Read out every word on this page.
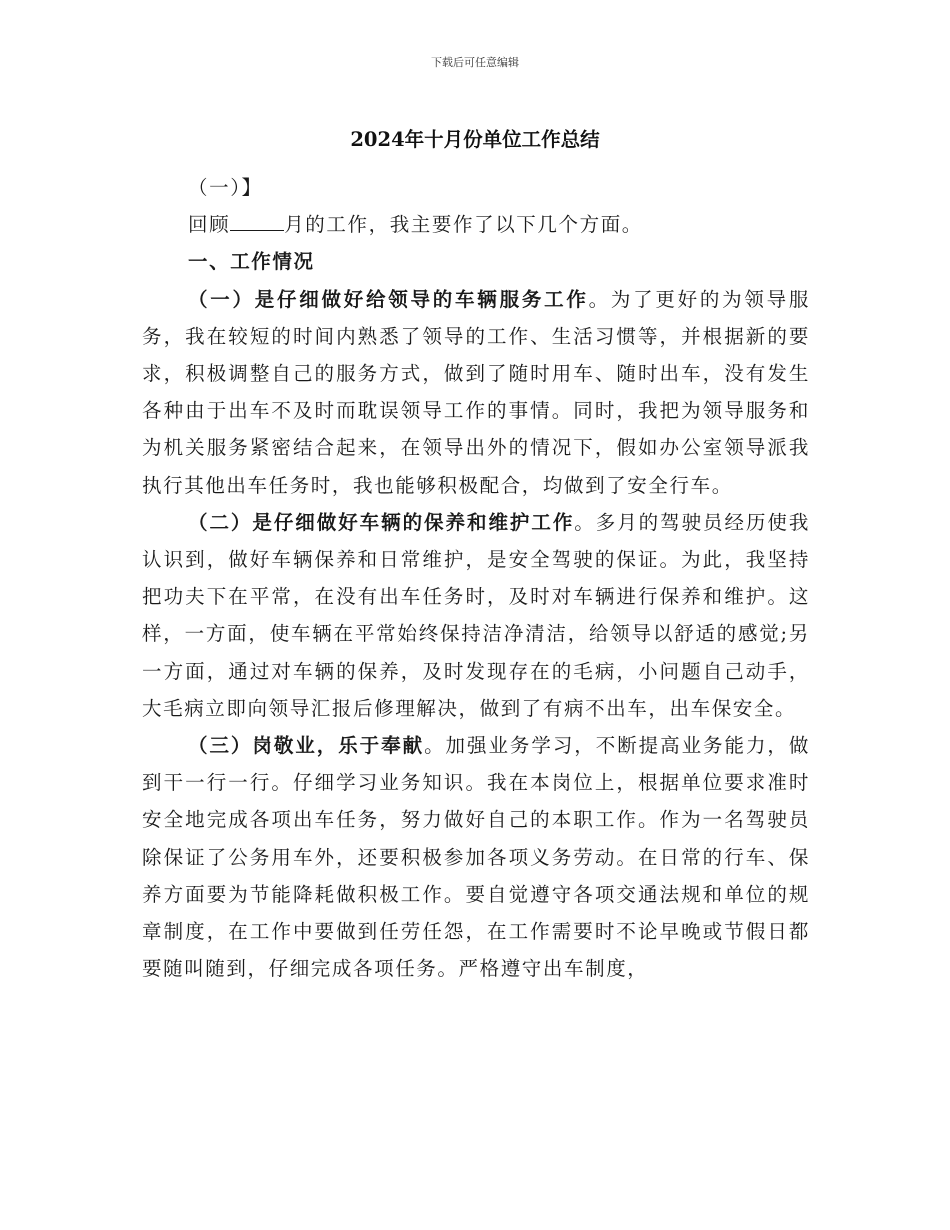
下载后可任意编辑
2024年十月份单位工作总结

（一）】

回顾	月的工作，我主要作了以下几个方面。

一、工作情况

（一）是仔细做好给领导的车辆服务工作。为了更好的为领导服务，我在较短的时间内熟悉了领导的工作、生活习惯等，并根据新的要求，积极调整自己的服务方式，做到了随时用车、随时出车，没有发生各种由于出车不及时而耽误领导工作的事情。同时，我把为领导服务和为机关服务紧密结合起来，在领导出外的情况下，假如办公室领导派我执行其他出车任务时，我也能够积极配合，均做到了安全行车。

（二）是仔细做好车辆的保养和维护工作。多月的驾驶员经历使我认识到，做好车辆保养和日常维护，是安全驾驶的保证。为此，我坚持把功夫下在平常，在没有出车任务时，及时对车辆进行保养和维护。这样，一方面，使车辆在平常始终保持洁净清洁，给领导以舒适的感觉;另一方面，通过对车辆的保养，及时发现存在的毛病，小问题自己动手，大毛病立即向领导汇报后修理解决，做到了有病不出车，出车保安全。

（三）岗敬业，乐于奉献。加强业务学习，不断提高业务能力，做到干一行一行。仔细学习业务知识。我在本岗位上，根据单位要求准时安全地完成各项出车任务，努力做好自己的本职工作。作为一名驾驶员除保证了公务用车外，还要积极参加各项义务劳动。在日常的行车、保养方面要为节能降耗做积极工作。要自觉遵守各项交通法规和单位的规章制度，在工作中要做到任劳任怨，在工作需要时不论早晚或节假日都要随叫随到，仔细完成各项任务。严格遵守出车制度，
